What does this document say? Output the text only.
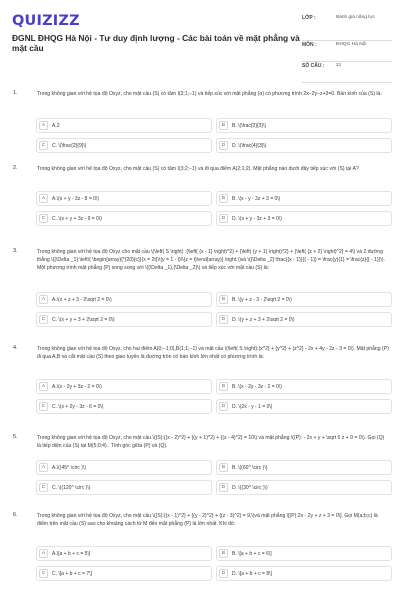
QUIZIZZ
ĐGNL ĐHQG Hà Nội - Tư duy định lượng - Các bài toán về mặt phẳng và mặt cầu
LỚP :	Bánh giá năng lực
MÔN :	ĐHQG Hà Nội
SỐ CÂU : 21
1.	Trong không gian với hệ tọa độ Oxyz, cho mặt cầu (S) có tâm I(2;1;−1) và tiếp xúc với mặt phẳng (α) có phương trình 2x−2y−z+3=0. Bán kính của (S) là:
A	A.2	B	B. \(\frac{2}{3}\)
C	C. \(\frac{2}{9}\)	D	D. \(\frac{4}{3}\)
2.	Trong không gian với hệ tọa độ Oxyz, cho mặt cầu (S) có tâm I(3;2;−1) và đi qua điểm A(2;1;2). Mặt phẳng nào dưới đây tiếp xúc với (S) tại A?
A	A.\(x + y - 3z - 8 = 0\)	B	B. \(x - y - 3z + 3 = 0\)
C	C. \(x + y + 3z - 9 = 0\)	D	D. \(x + y - 3z + 3 = 0\)
3.	Trong không gian với hệ tọa độ Oxyz cho mặt cầu \(\left( S \right) :{\left( {x - 1} \right)^2} + {\left( {y + 1} \right)^2} + {\left( {z + 2} \right)^2} = 4\) và 2 đường thẳng \({\Delta _1}:\left\{ \begin{array}{*{20}{c}}{x = 2t}\\{y = 1 - t}\\{z = t}\end{array}} \right.\)và \({\Delta _2}:\frac{{x - 1}}{{ - 1}} = \frac{y}{1} = \frac{z}{{ - 1}}\). Một phương trình mặt phẳng (P) song song với \({\Delta _1},{\Delta _2}\) và tiếp xúc với mặt cầu (S) là:
A	A.\(x + z + 3 - 2\sqrt 2 = 0\)	B	B. \(y + z - 3 - 2\sqrt 2 = 0\)
C	C. \(x + y + 3 + 2\sqrt 2 = 0\)	D	D. \(y + z + 3 + 2\sqrt 2 = 0\)
4.	Trong không gian với hệ tọa độ Oxyz, cho hai điểm A(0;−1;0),B(1;1;−1) và mặt cầu \(\left( S \right):{x^2} + {y^2} + {z^2} - 2x + 4y - 2z - 3 = 0\). Mặt phẳng (P) đi qua A,B và cắt mặt cầu (S) theo giao tuyến là đường tròn có bán kính lớn nhất có phương trình là:
A	A.\(x - 2y + 3z - 2 = 0\)	B	B. \(x - 2y - 3z - 2 = 0\)
C	C. \(x + 2y - 3z - 6 = 0\)	D	D. \(2x - y - 1 = 0\)
5.	Trong không gian với hệ tọa độ Oxyz, cho mặt cầu \((S):{(x - 2)^2} + {(y + 1)^2} + {(z - 4)^2} = 10\) và mặt phẳng \((P): - 2x + y + \sqrt 5 z + 9 = 0\). Gọi (Q) là tiếp diện của (S) tại M(5;0;4) . Tính góc giữa (P) và (Q).
A	A.\((45^ \circ )\)	B	B. \((60^ \circ )\)
C	C. \((120^ \circ )\)	D	D. \((30^ \circ )\)
6.	Trong không gian với hệ tọa độ Oxyz, cho mặt cầu \((S):{(x - 1)^2} + {(y - 2)^2} + {(z - 3)^2} = 9,\)và mặt phẳng \[(P):2x - 2y + z + 3 = 0\]. Gọi M(a;b;c) là điểm trên mặt cầu (S) sao cho khoảng cách từ M đến mặt phẳng (P) là lớn nhất. Khi đó:
A	A.\[a + b + c = 5\]	B	B. \[a + b + c = 6\]
C	C. \[a + b + c = 7\]	D	D. \[a + b + c = 8\]
